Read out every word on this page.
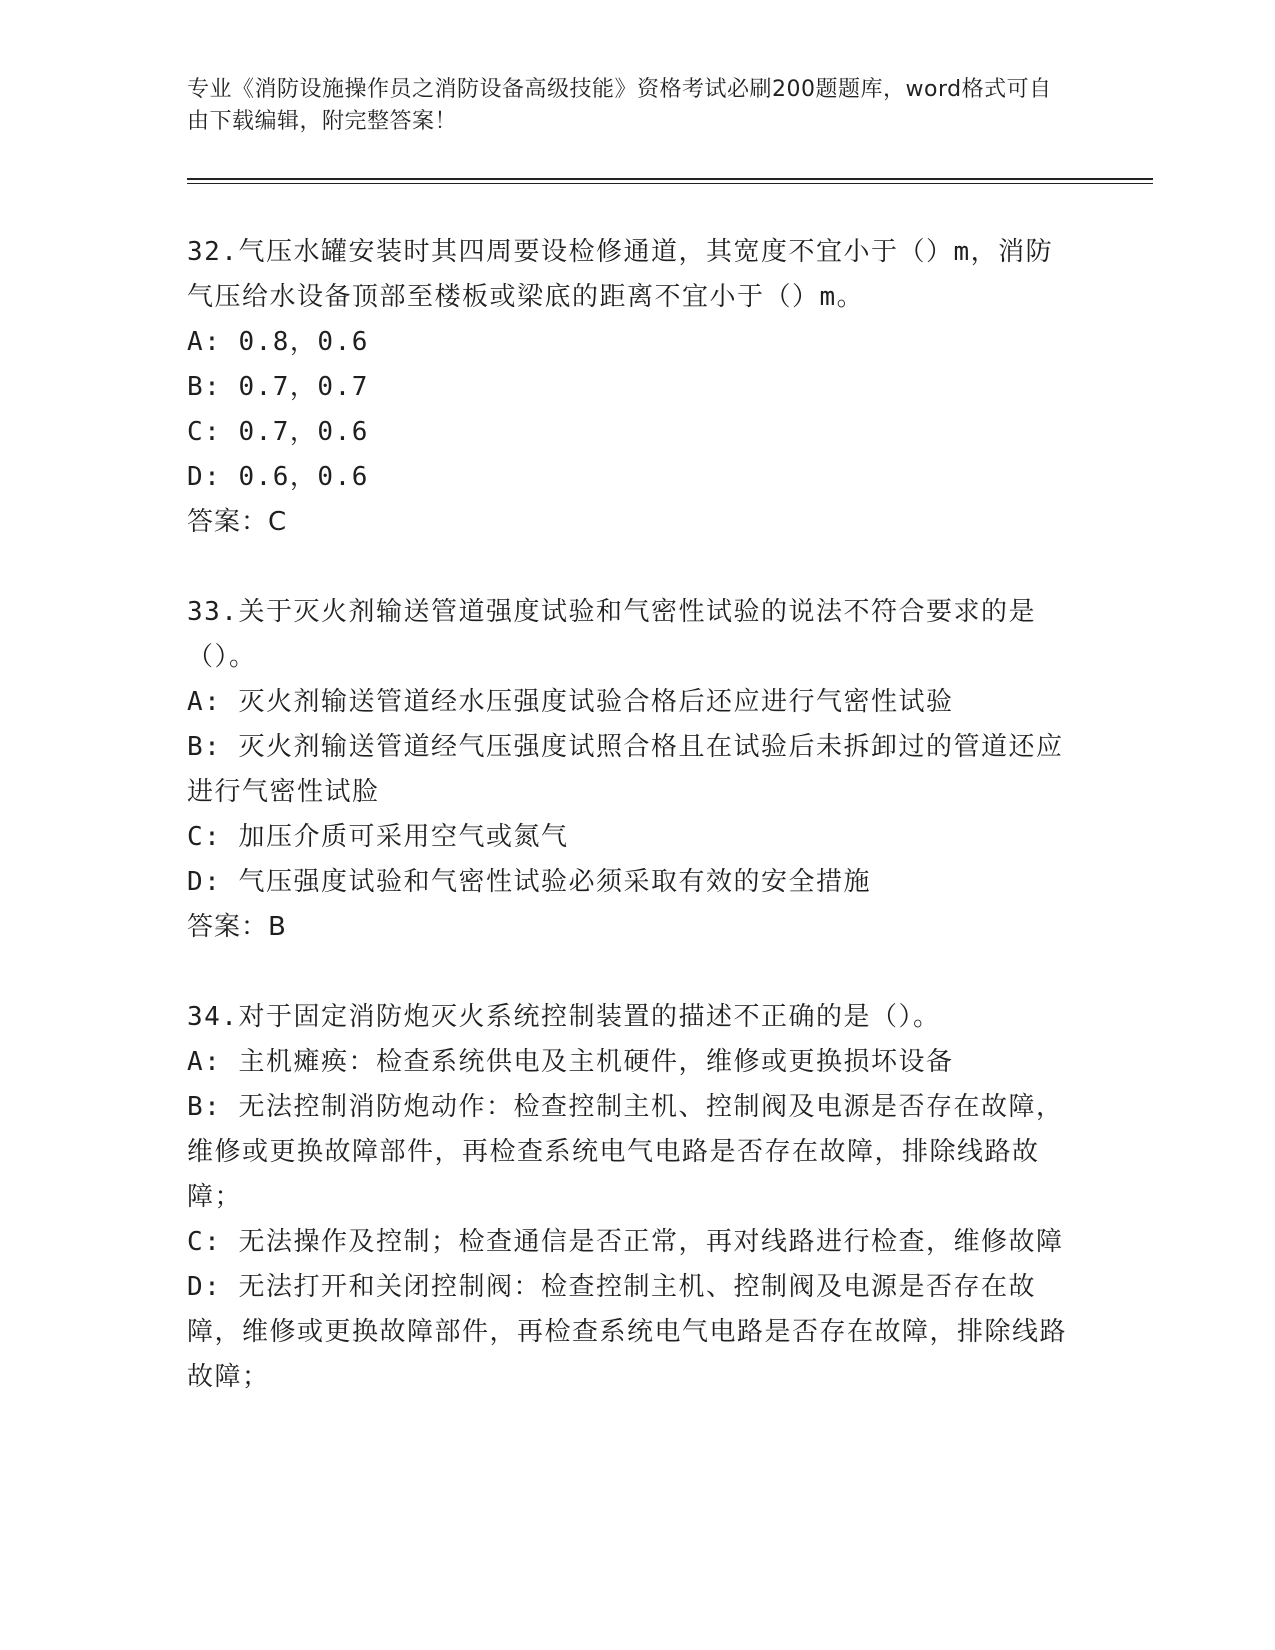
专业《消防设施操作员之消防设备高级技能》资格考试必刷200题题库，word格式可自由下载编辑，附完整答案！

32.气压水罐安装时其四周要设检修通道，其宽度不宜小于（）m，消防气压给水设备顶部至楼板或梁底的距离不宜小于（）m。

A: 0.8，0.6

B: 0.7，0.7

C: 0.7，0.6

D: 0.6，0.6

答案：C

33.关于灭火剂输送管道强度试验和气密性试验的说法不符合要求的是（）。

A: 灭火剂输送管道经水压强度试验合格后还应进行气密性试验

B: 灭火剂输送管道经气压强度试照合格且在试验后未拆卸过的管道还应进行气密性试脸

C: 加压介质可采用空气或氮气

D: 气压强度试验和气密性试验必须采取有效的安全措施

答案：B

34.对于固定消防炮灭火系统控制装置的描述不正确的是（）。

A: 主机瘫痪：检查系统供电及主机硬件，维修或更换损坏设备

B: 无法控制消防炮动作：检查控制主机、控制阀及电源是否存在故障，维修或更换故障部件，再检查系统电气电路是否存在故障，排除线路故障；

C: 无法操作及控制；检查通信是否正常，再对线路进行检查，维修故障

D: 无法打开和关闭控制阀：检查控制主机、控制阀及电源是否存在故障，维修或更换故障部件，再检查系统电气电路是否存在故障，排除线路故障；
